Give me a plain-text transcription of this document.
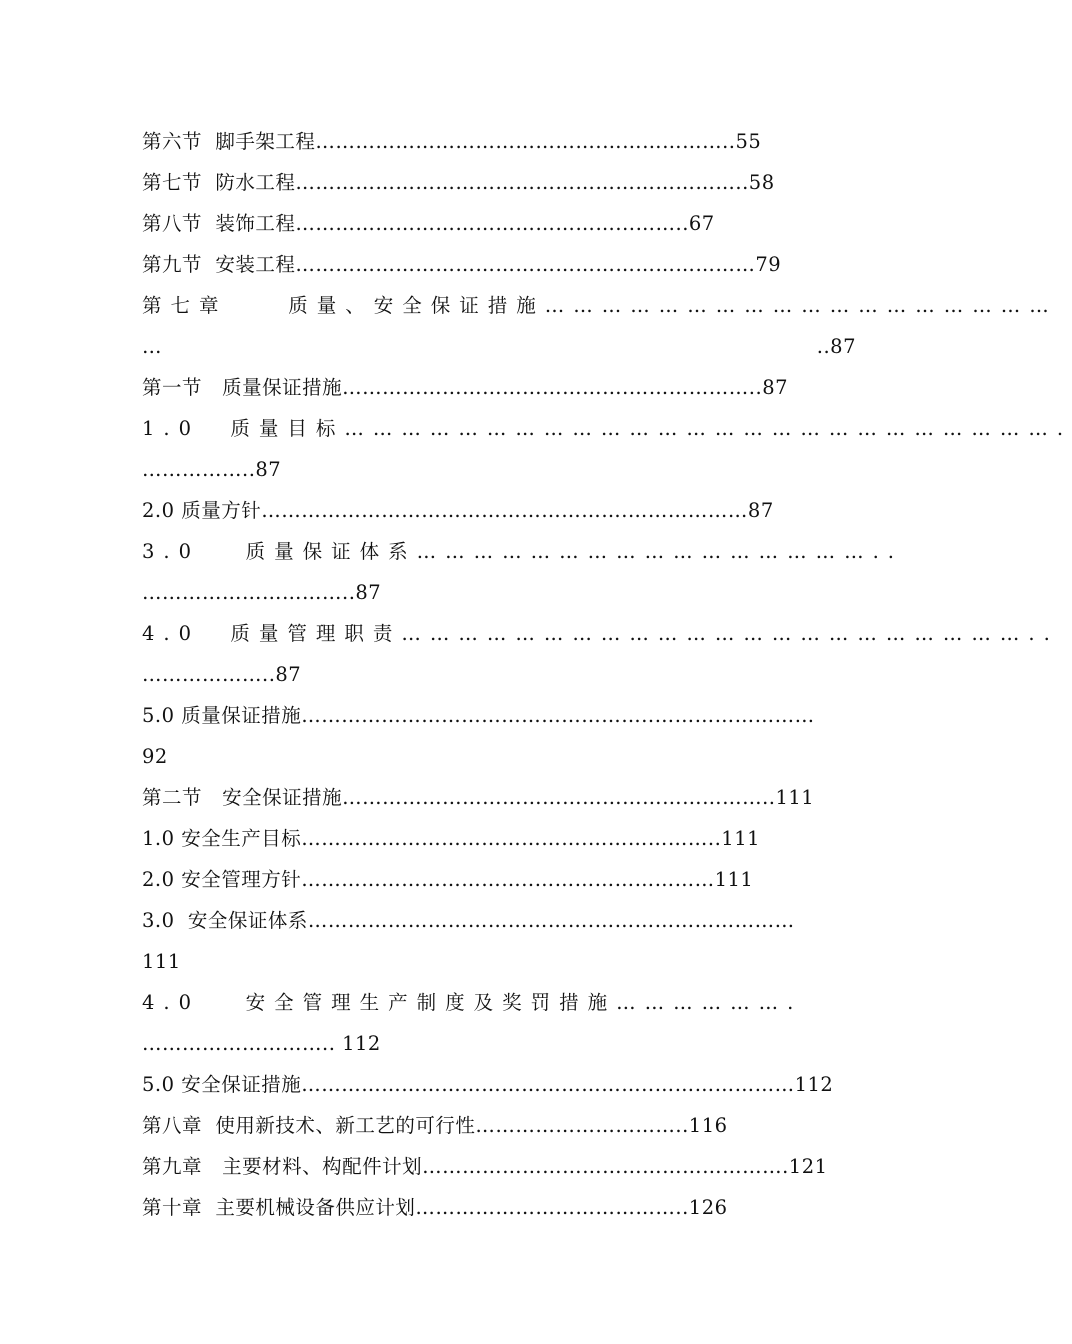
第六节  脚手架工程…………………………………….………………..55
第七节  防水工程…………………………………………………………..58
第八节  装饰工程…………………………………………...……..67
第九节  安装工程……………………………………………………………79
第七章    质量、安全保证措施………………………………………………
…	..87
第一节   质量保证措施…………………………………….………………..87
1.0  质量目标………………………………………………………………….
……………..87
2.0 质量方针……………………………………………….………………87
3.0   质量保证体系…………………………………………..
…………………………..87
4.0  质量管理职责…………………………………………………………..
………………..87
5.0 质量保证措施……………………………………………..……………………
92
第二节   安全保证措施………………………………………………………..111
1.0 安全生产目标…………………………………….………………..111
2.0 安全管理方针……………………………..………………………111
3.0  安全保证体系…………………………………….…………………………
111
4.0   安全管理生产制度及奖罚措施……………….
……………………….. 112
5.0 安全保证措施……………………………………………..…………………112
第八章  使用新技术、新工艺的可行性…………………………..116
第九章   主要材料、构配件计划……………………………………………….121
第十章  主要机械设备供应计划…………………………………..126
